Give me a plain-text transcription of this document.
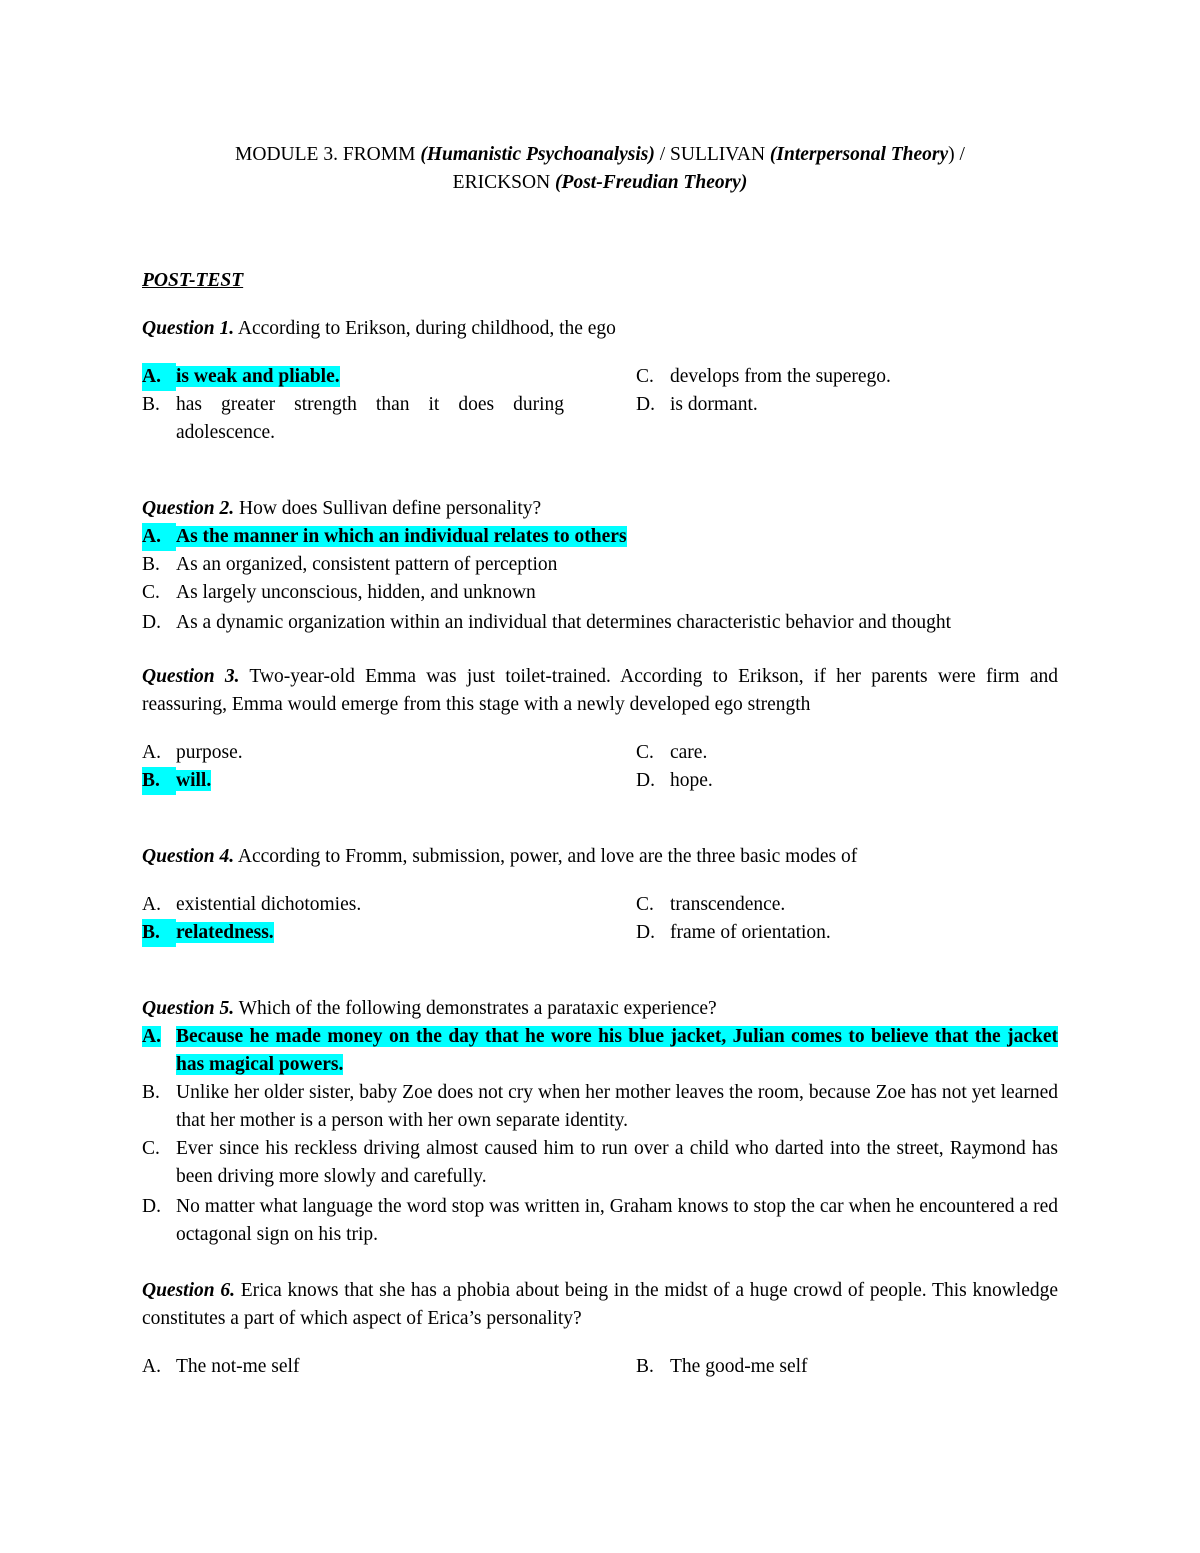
MODULE 3. FROMM (Humanistic Psychoanalysis) / SULLIVAN (Interpersonal Theory) /
ERICKSON (Post-Freudian Theory)
POST-TEST
Question 1. According to Erikson, during childhood, the ego
A. is weak and pliable.
B. has greater strength than it does during adolescence.
C. develops from the superego.
D. is dormant.
Question 2. How does Sullivan define personality?
A. As the manner in which an individual relates to others
B. As an organized, consistent pattern of perception
C. As largely unconscious, hidden, and unknown
D. As a dynamic organization within an individual that determines characteristic behavior and thought
Question 3. Two-year-old Emma was just toilet-trained. According to Erikson, if her parents were firm and reassuring, Emma would emerge from this stage with a newly developed ego strength
A. purpose.
B. will.
C. care.
D. hope.
Question 4. According to Fromm, submission, power, and love are the three basic modes of
A. existential dichotomies.
B. relatedness.
C. transcendence.
D. frame of orientation.
Question 5. Which of the following demonstrates a parataxic experience?
A. Because he made money on the day that he wore his blue jacket, Julian comes to believe that the jacket has magical powers.
B. Unlike her older sister, baby Zoe does not cry when her mother leaves the room, because Zoe has not yet learned that her mother is a person with her own separate identity.
C. Ever since his reckless driving almost caused him to run over a child who darted into the street, Raymond has been driving more slowly and carefully.
D. No matter what language the word stop was written in, Graham knows to stop the car when he encountered a red octagonal sign on his trip.
Question 6. Erica knows that she has a phobia about being in the midst of a huge crowd of people. This knowledge constitutes a part of which aspect of Erica’s personality?
A. The not-me self	B. The good-me self
